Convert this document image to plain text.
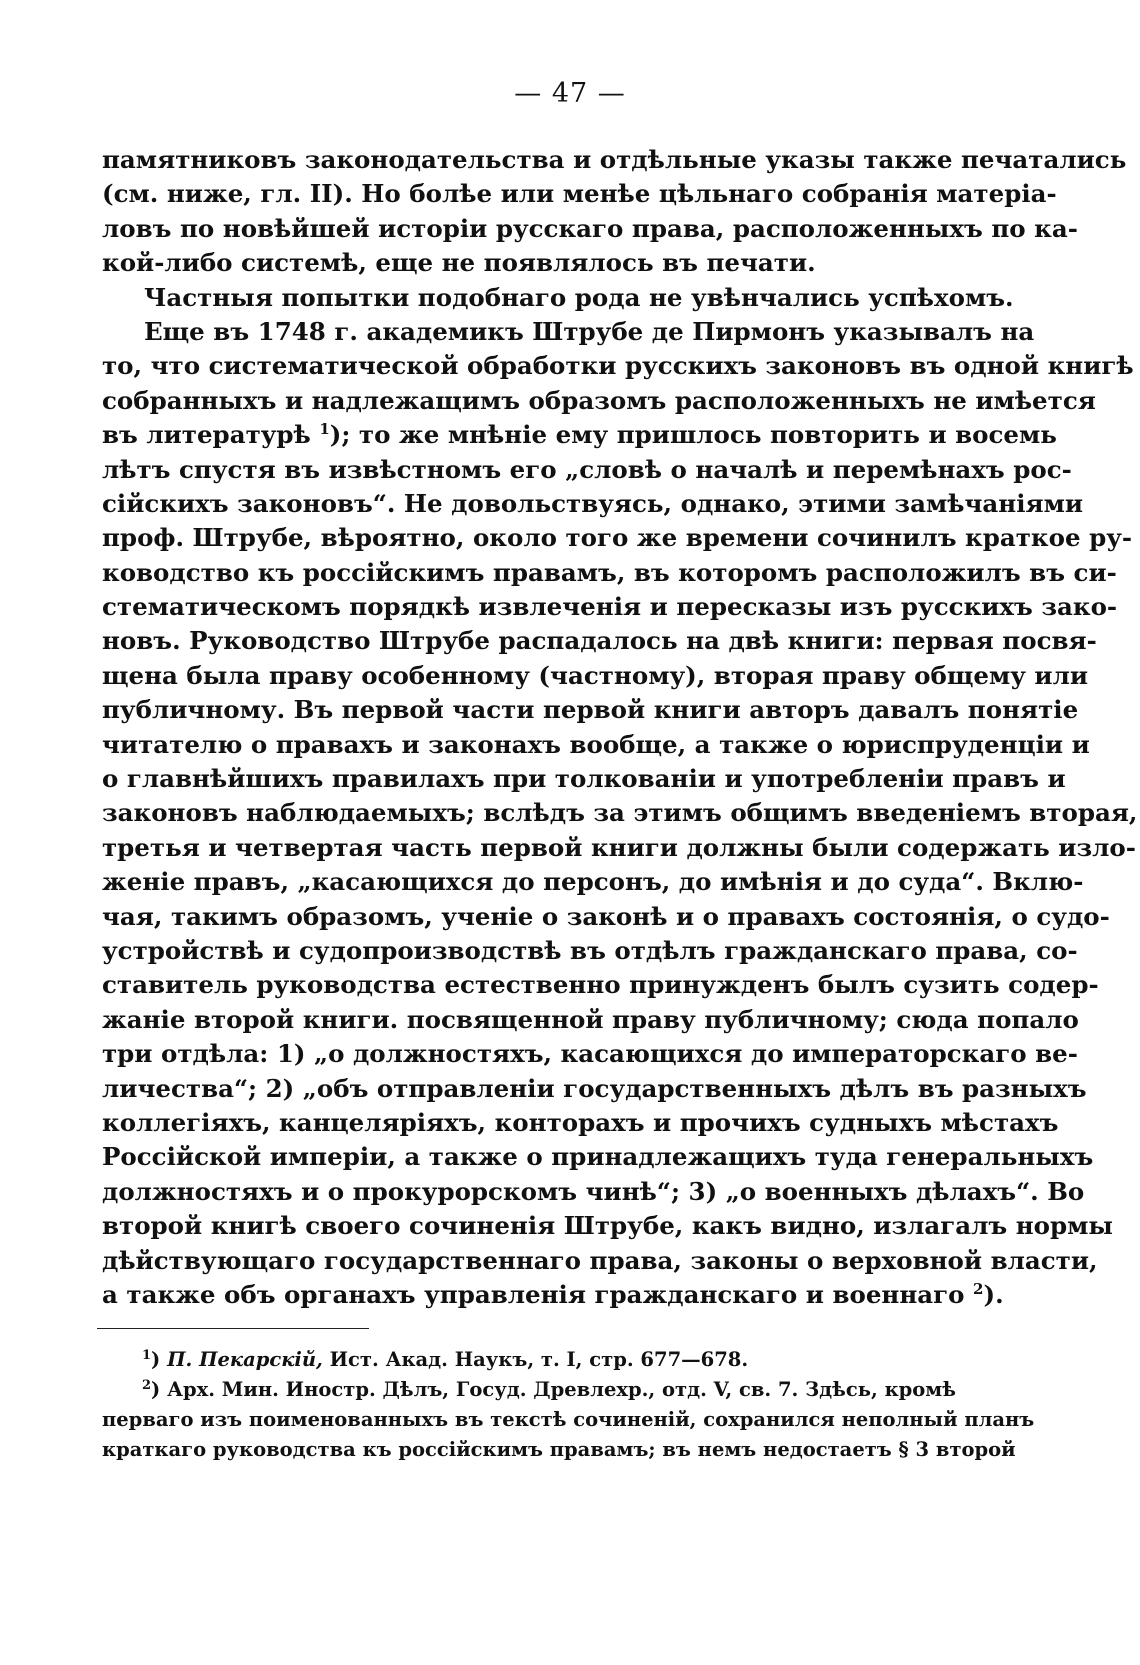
— 47 —
памятниковъ законодательства и отдѣльные указы также печатались
(см. ниже, гл. II). Но болѣе или менѣе цѣльнаго собранія матеріа-
ловъ по новѣйшей исторіи русскаго права, расположенныхъ по ка-
кой-либо системѣ, еще не появлялось въ печати.
Частныя попытки подобнаго рода не увѣнчались успѣхомъ.
Еще въ 1748 г. академикъ Штрубе де Пирмонъ указывалъ на
то, что систематической обработки русскихъ законовъ въ одной книгѣ
собранныхъ и надлежащимъ образомъ расположенныхъ не имѣется
въ литературѣ $^1$); то же мнѣніе ему пришлось повторить и восемь
лѣтъ спустя въ извѣстномъ его „словѣ о началѣ и перемѣнахъ рос-
сійскихъ законовъ“. Не довольствуясь, однако, этими замѣчаніями
проф. Штрубе, вѣроятно, около того же времени сочинилъ краткое ру-
ководство къ россійскимъ правамъ, въ которомъ расположилъ въ си-
стематическомъ порядкѣ извлеченія и пересказы изъ русскихъ зако-
новъ. Руководство Штрубе распадалось на двѣ книги: первая посвя-
щена была праву особенному (частному), вторая праву общему или
публичному. Въ первой части первой книги авторъ давалъ понятіе
читателю о правахъ и законахъ вообще, а также о юриспруденціи и
о главнѣйшихъ правилахъ при толкованіи и употребленіи правъ и
законовъ наблюдаемыхъ; вслѣдъ за этимъ общимъ введеніемъ вторая,
третья и четвертая часть первой книги должны были содержать изло-
женіе правъ, „касающихся до персонъ, до имѣнія и до суда“. Вклю-
чая, такимъ образомъ, ученіе о законѣ и о правахъ состоянія, о судо-
устройствѣ и судопроизводствѣ въ отдѣлъ гражданскаго права, со-
ставитель руководства естественно принужденъ былъ сузить содер-
жаніе второй книги. посвященной праву публичному; сюда попало
три отдѣла: 1) „о должностяхъ, касающихся до императорскаго ве-
личества“; 2) „объ отправленіи государственныхъ дѣлъ въ разныхъ
коллегіяхъ, канцеляріяхъ, конторахъ и прочихъ судныхъ мѣстахъ
Россійской имперіи, а также о принадлежащихъ туда генеральныхъ
должностяхъ и о прокурорскомъ чинѣ“; 3) „о военныхъ дѣлахъ“. Во
второй книгѣ своего сочиненія Штрубе, какъ видно, излагалъ нормы
дѣйствующаго государственнаго права, законы о верховной власти,
а также объ органахъ управленія гражданскаго и военнаго $^2$).
$^1$) П. Пекарскій, Ист. Акад. Наукъ, т. I, стр. 677—678.
$^2$) Арх. Мин. Иностр. Дѣлъ, Госуд. Древлехр., отд. V, св. 7. Здѣсь, кромѣ
перваго изъ поименованныхъ въ текстѣ сочиненій, сохранился неполный планъ
краткаго руководства къ россійскимъ правамъ; въ немъ недостаетъ § 3 второй
